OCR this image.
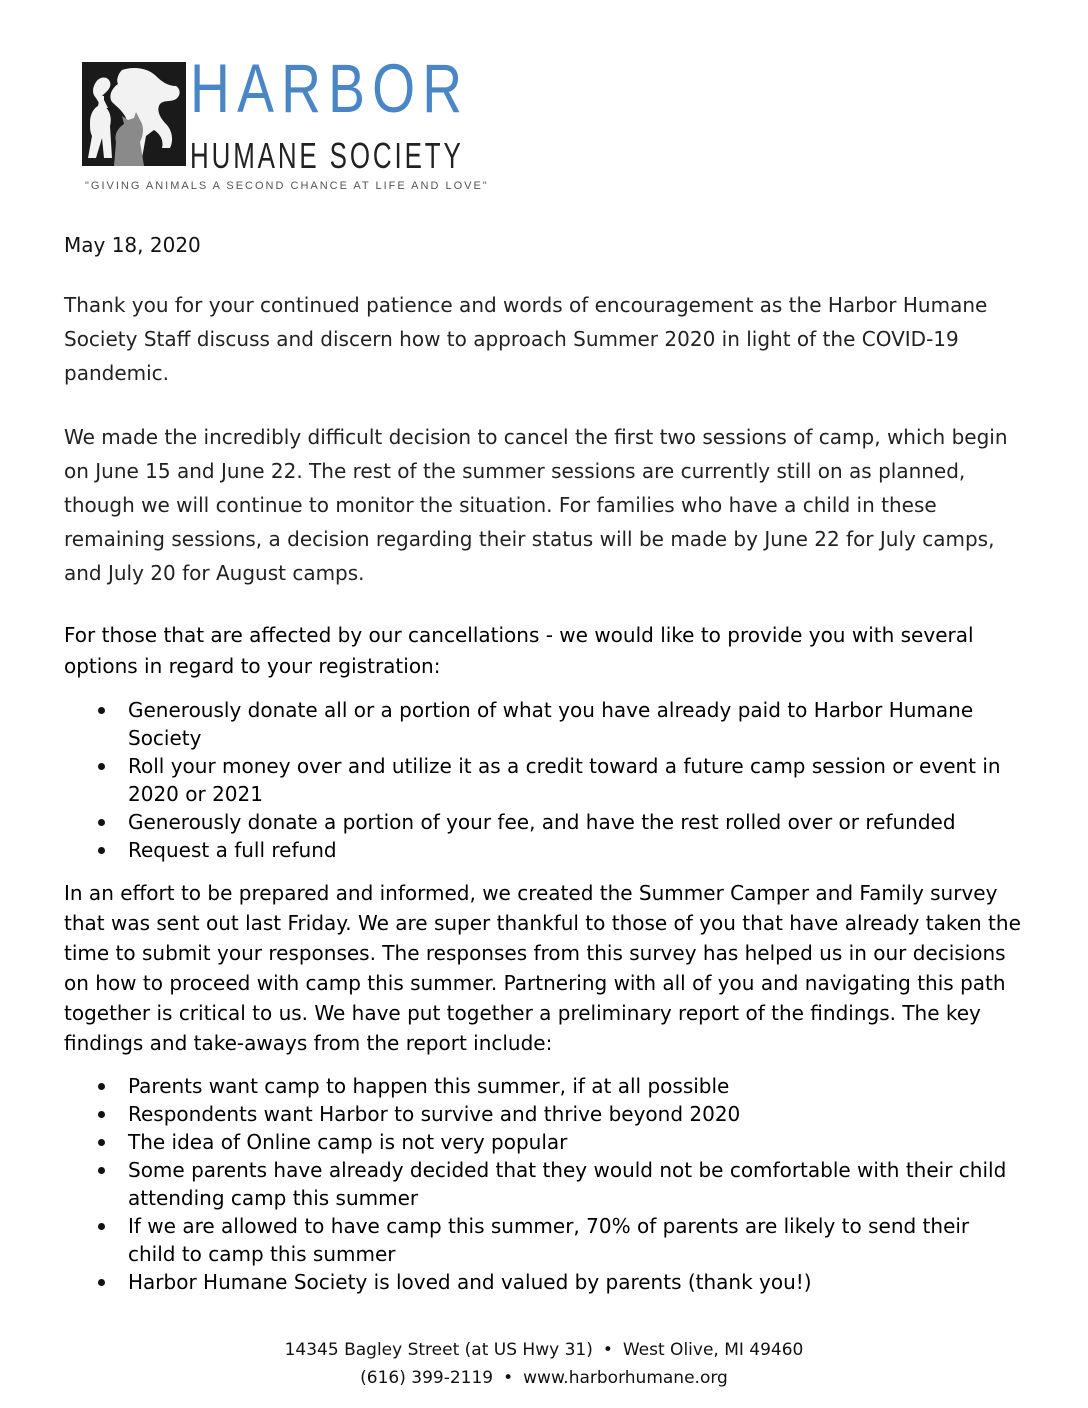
HARBOR
HUMANE SOCIETY
"GIVING ANIMALS A SECOND CHANCE AT LIFE AND LOVE"
May 18, 2020

Thank you for your continued patience and words of encouragement as the Harbor Humane Society Staff discuss and discern how to approach Summer 2020 in light of the COVID-19 pandemic.

We made the incredibly difficult decision to cancel the first two sessions of camp, which begin on June 15 and June 22. The rest of the summer sessions are currently still on as planned, though we will continue to monitor the situation. For families who have a child in these remaining sessions, a decision regarding their status will be made by June 22 for July camps, and July 20 for August camps.

For those that are affected by our cancellations - we would like to provide you with several options in regard to your registration:

Generously donate all or a portion of what you have already paid to Harbor Humane Society
Roll your money over and utilize it as a credit toward a future camp session or event in 2020 or 2021
Generously donate a portion of your fee, and have the rest rolled over or refunded
Request a full refund

In an effort to be prepared and informed, we created the Summer Camper and Family survey that was sent out last Friday. We are super thankful to those of you that have already taken the time to submit your responses. The responses from this survey has helped us in our decisions on how to proceed with camp this summer. Partnering with all of you and navigating this path together is critical to us. We have put together a preliminary report of the findings. The key findings and take-aways from the report include:

Parents want camp to happen this summer, if at all possible
Respondents want Harbor to survive and thrive beyond 2020
The idea of Online camp is not very popular
Some parents have already decided that they would not be comfortable with their child attending camp this summer
If we are allowed to have camp this summer, 70% of parents are likely to send their child to camp this summer
Harbor Humane Society is loved and valued by parents (thank you!)
14345 Bagley Street (at US Hwy 31) • West Olive, MI 49460
(616) 399-2119 • www.harborhumane.org
